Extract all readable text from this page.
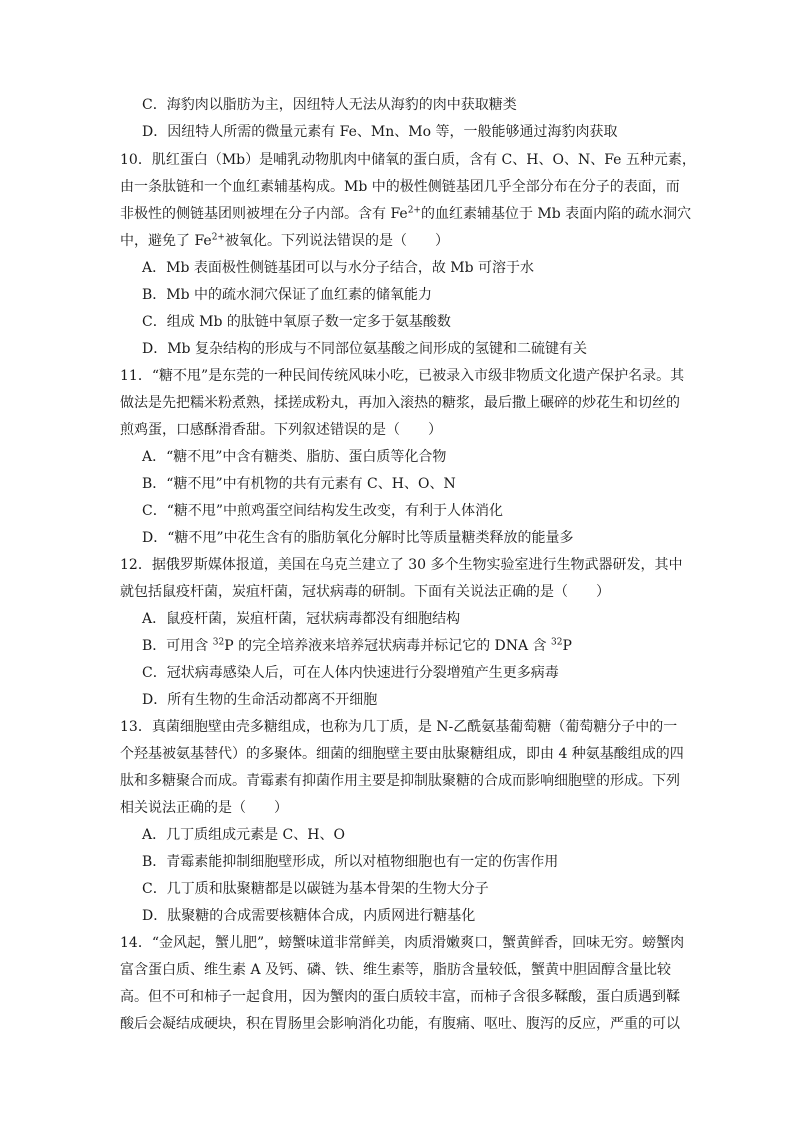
C．海豹肉以脂肪为主，因纽特人无法从海豹的肉中获取糖类
D．因纽特人所需的微量元素有 Fe、Mn、Mo 等，一般能够通过海豹肉获取
10．肌红蛋白（Mb）是哺乳动物肌肉中储氧的蛋白质，含有 C、H、O、N、Fe 五种元素，
由一条肽链和一个血红素辅基构成。Mb 中的极性侧链基团几乎全部分布在分子的表面，而
非极性的侧链基团则被埋在分子内部。含有 $Fe^{2+}$的血红素辅基位于 Mb 表面内陷的疏水洞穴
中，避免了 $Fe^{2+}$被氧化。下列说法错误的是（　　）
A．Mb 表面极性侧链基团可以与水分子结合，故 Mb 可溶于水
B．Mb 中的疏水洞穴保证了血红素的储氧能力
C．组成 Mb 的肽链中氧原子数一定多于氨基酸数
D．Mb 复杂结构的形成与不同部位氨基酸之间形成的氢键和二硫键有关
11．“糖不甩”是东莞的一种民间传统风味小吃，已被录入市级非物质文化遗产保护名录。其
做法是先把糯米粉煮熟，揉搓成粉丸，再加入滚热的糖浆，最后撒上碾碎的炒花生和切丝的
煎鸡蛋，口感酥滑香甜。下列叙述错误的是（　　）
A．“糖不甩”中含有糖类、脂肪、蛋白质等化合物
B．“糖不甩”中有机物的共有元素有 C、H、O、N
C．“糖不甩”中煎鸡蛋空间结构发生改变，有利于人体消化
D．“糖不甩”中花生含有的脂肪氧化分解时比等质量糖类释放的能量多
12．据俄罗斯媒体报道，美国在乌克兰建立了 30 多个生物实验室进行生物武器研发，其中
就包括鼠疫杆菌，炭疽杆菌，冠状病毒的研制。下面有关说法正确的是（　　）
A．鼠疫杆菌，炭疽杆菌，冠状病毒都没有细胞结构
B．可用含 $^{32}$P 的完全培养液来培养冠状病毒并标记它的 DNA 含 $^{32}$P
C．冠状病毒感染人后，可在人体内快速进行分裂增殖产生更多病毒
D．所有生物的生命活动都离不开细胞
13．真菌细胞壁由壳多糖组成，也称为几丁质，是 N-乙酰氨基葡萄糖（葡萄糖分子中的一
个羟基被氨基替代）的多聚体。细菌的细胞壁主要由肽聚糖组成，即由 4 种氨基酸组成的四
肽和多糖聚合而成。青霉素有抑菌作用主要是抑制肽聚糖的合成而影响细胞壁的形成。下列
相关说法正确的是（　　）
A．几丁质组成元素是 C、H、O
B．青霉素能抑制细胞壁形成，所以对植物细胞也有一定的伤害作用
C．几丁质和肽聚糖都是以碳链为基本骨架的生物大分子
D．肽聚糖的合成需要核糖体合成，内质网进行糖基化
14．“金风起，蟹儿肥”，螃蟹味道非常鲜美，肉质滑嫩爽口，蟹黄鲜香，回味无穷。螃蟹肉
富含蛋白质、维生素 A 及钙、磷、铁、维生素等，脂肪含量较低，蟹黄中胆固醇含量比较
高。但不可和柿子一起食用，因为蟹肉的蛋白质较丰富，而柿子含很多鞣酸，蛋白质遇到鞣
酸后会凝结成硬块，积在胃肠里会影响消化功能，有腹痛、呕吐、腹泻的反应，严重的可以
